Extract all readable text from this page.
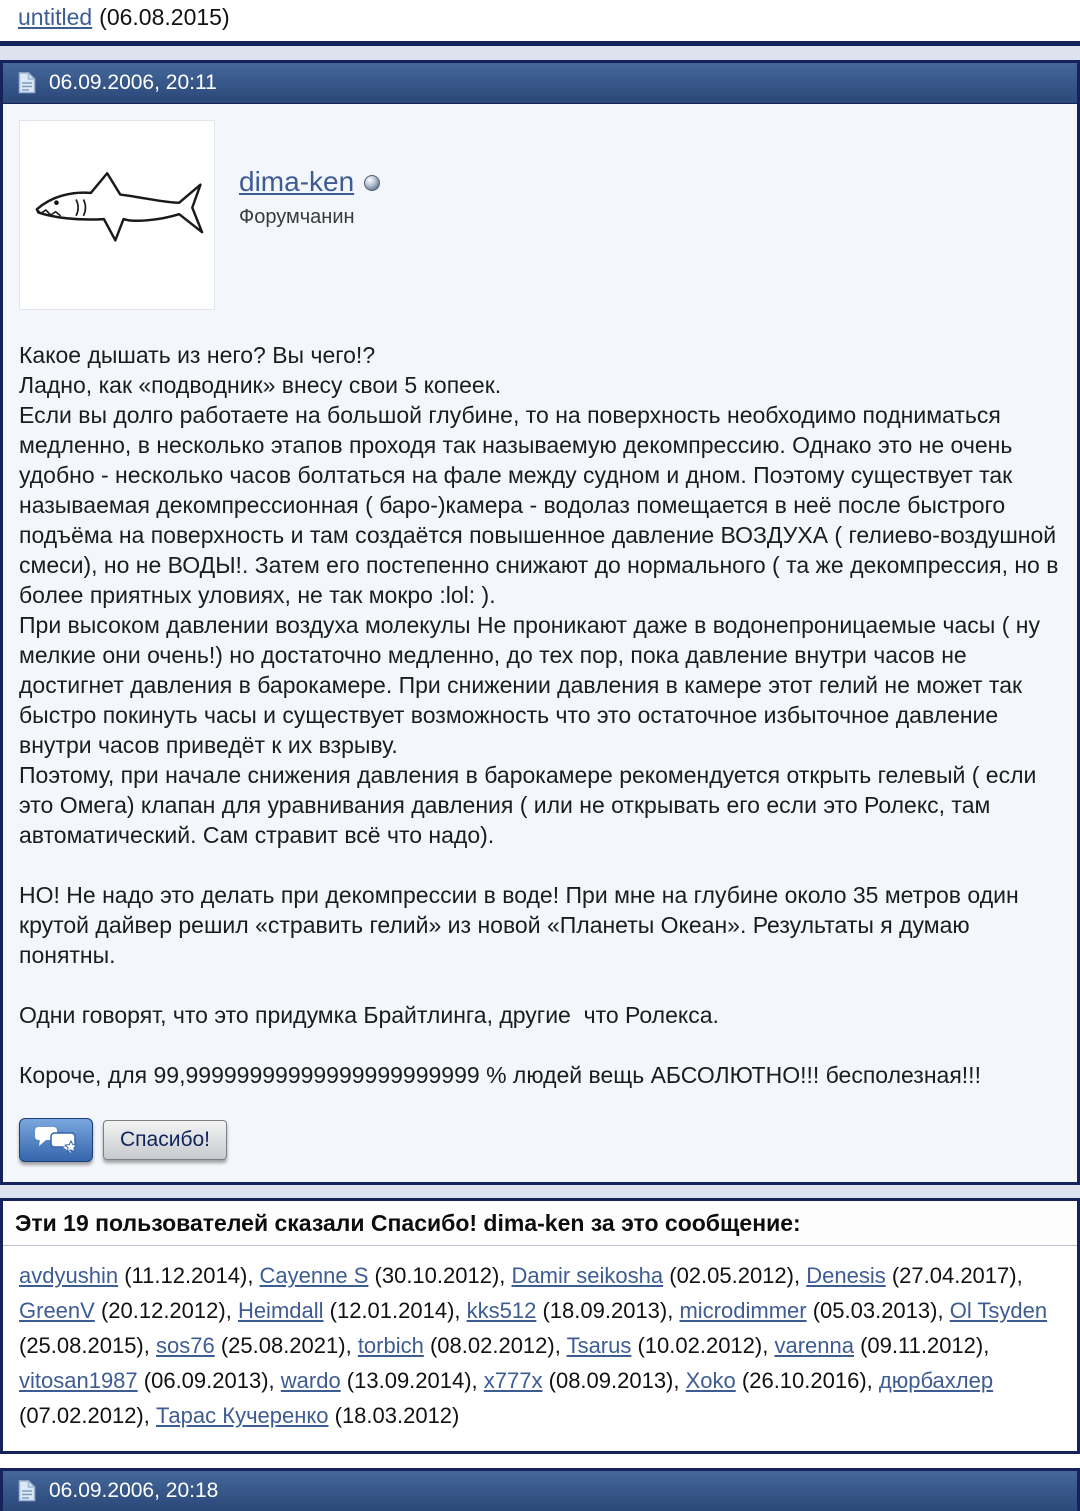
untitled (06.08.2015)
06.09.2006, 20:11
dima-ken
Форумчанин
Какое дышать из него? Вы чего!?
Ладно, как «подводник» внесу свои 5 копеек.
Если вы долго работаете на большой глубине, то на поверхность необходимо подниматься медленно, в несколько этапов проходя так называемую декомпрессию. Однако это не очень удобно - несколько часов болтаться на фале между судном и дном. Поэтому существует так называемая декомпрессионная ( баро-)камера - водолаз помещается в неё после быстрого подъёма на поверхность и там создаётся повышенное давление ВОЗДУХА ( гелиево-воздушной смеси), но не ВОДЫ!. Затем его постепенно снижают до нормального ( та же декомпрессия, но в более приятных уловиях, не так мокро :lol: ).
При высоком давлении воздуха молекулы Не проникают даже в водонепроницаемые часы ( ну мелкие они очень!) но достаточно медленно, до тех пор, пока давление внутри часов не достигнет давления в барокамере. При снижении давления в камере этот гелий не может так быстро покинуть часы и существует возможность что это остаточное избыточное давление внутри часов приведёт к их взрыву.
Поэтому, при начале снижения давления в барокамере рекомендуется открыть гелевый ( если это Омега) клапан для уравнивания давления ( или не открывать его если это Ролекс, там автоматический. Сам стравит всё что надо).
НО! Не надо это делать при декомпрессии в воде! При мне на глубине около 35 метров один крутой дайвер решил «стравить гелий» из новой «Планеты Океан». Результаты я думаю понятны.
Одни говорят, что это придумка Брайтлинга, другие  что Ролекса.
Короче, для 99,99999999999999999999999 % людей вещь АБСОЛЮТНО!!! бесполезная!!!
Спасибо!
Эти 19 пользователей сказали Спасибо! dima-ken за это сообщение:
avdyushin (11.12.2014), Cayenne S (30.10.2012), Damir seikosha (02.05.2012), Denesis (27.04.2017), GreenV (20.12.2012), Heimdall (12.01.2014), kks512 (18.09.2013), microdimmer (05.03.2013), Ol Tsyden (25.08.2015), sos76 (25.08.2021), torbich (08.02.2012), Tsarus (10.02.2012), varenna (09.11.2012), vitosan1987 (06.09.2013), wardo (13.09.2014), x777x (08.09.2013), Xoko (26.10.2016), дюрбахлер (07.02.2012), Тарас Кучеренко (18.03.2012)
06.09.2006, 20:18
